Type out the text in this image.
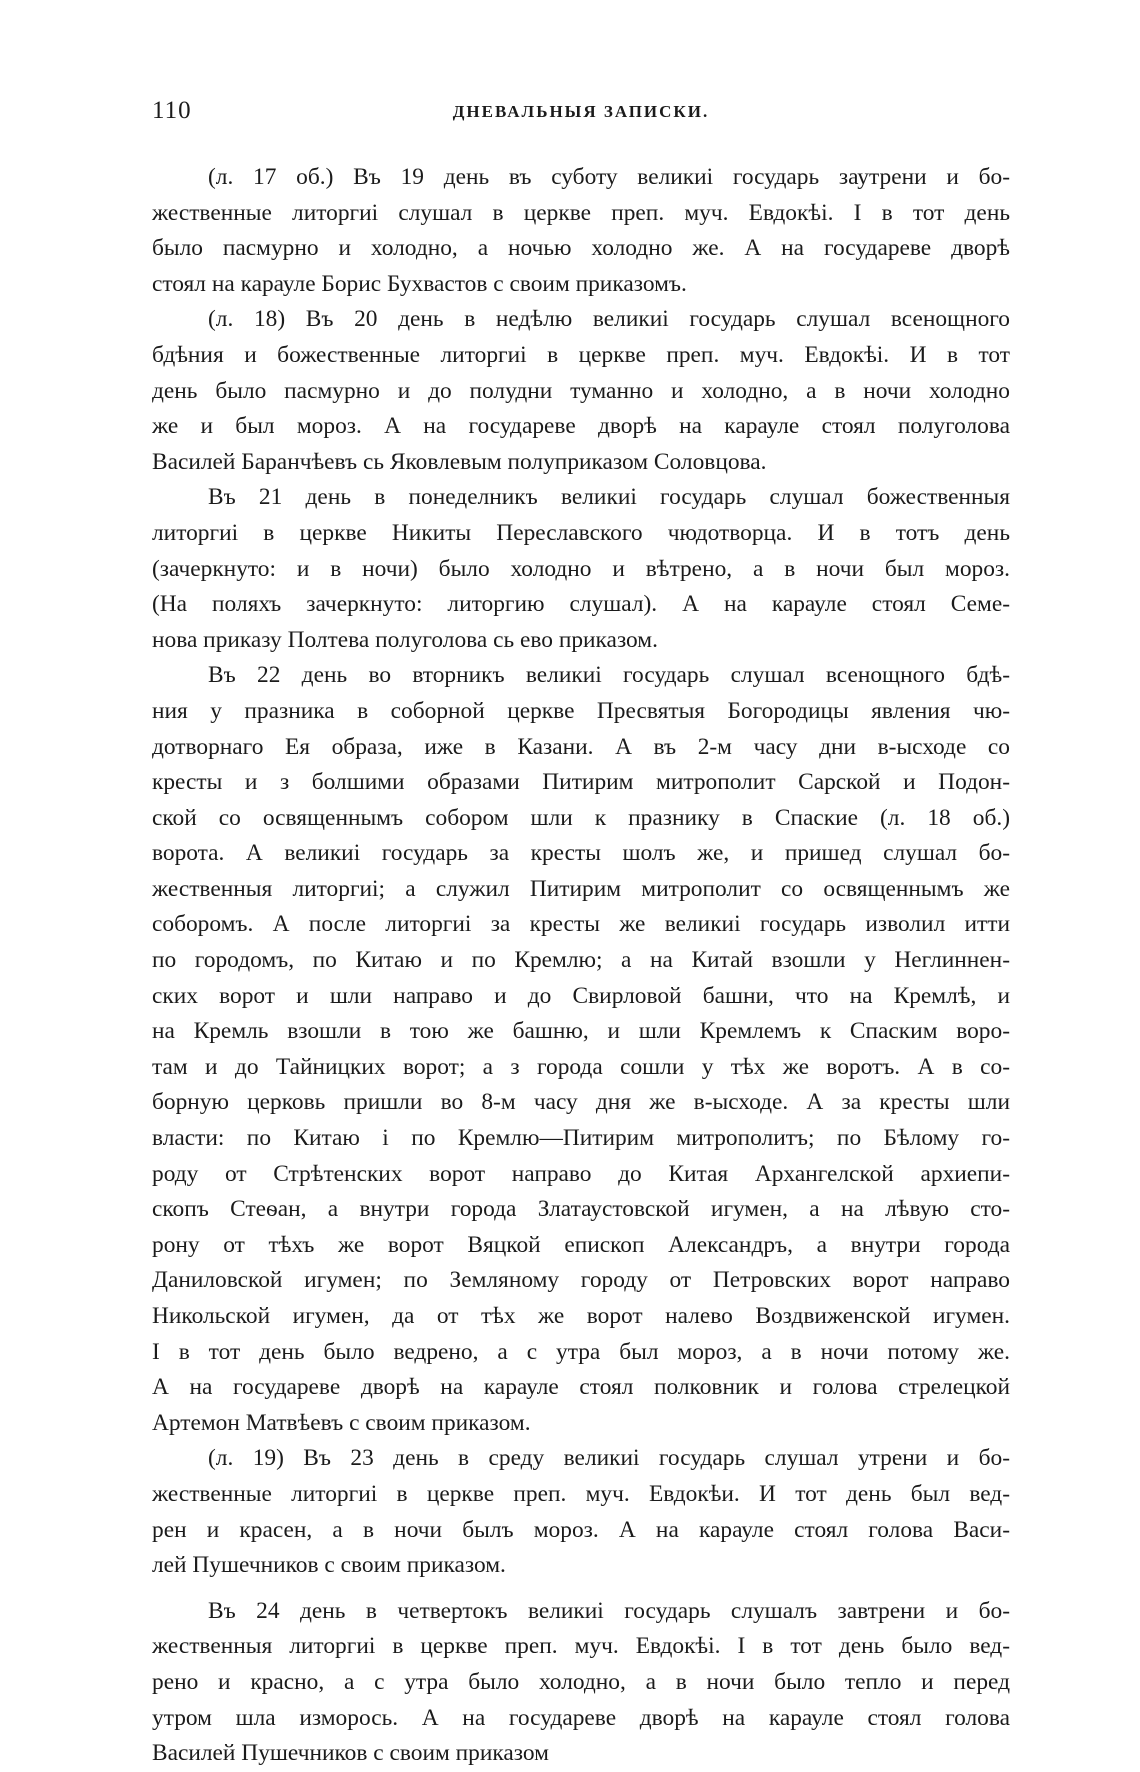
110	ДНЕВАЛЬНЫЯ ЗАПИСКИ.

(л. 17 об.) Въ 19 день въ суботу великиі государь заутрени и бо-
жественные литоргиі слушал в церкве преп. муч. Евдокѣі. І в тот день
было пасмурно и холодно, а ночью холодно же. А на государеве дворѣ
стоял на карауле Борис Бухвастов с своим приказомъ.

(л. 18) Въ 20 день в недѣлю великиі государь слушал всенощного
бдѣния и божественные литоргиі в церкве преп. муч. Евдокѣі. И в тот
день было пасмурно и до полудни туманно и холодно, а в ночи холодно
же и был мороз. А на государеве дворѣ на карауле стоял полуголова
Василей Баранчѣевъ сь Яковлевым полуприказом Соловцова.

Въ 21 день в понеделникъ великиі государь слушал божественныя
литоргиі в церкве Никиты Переславского чюдотворца. И в тотъ день
(зачеркнуто: и в ночи) было холодно и вѣтрено, а в ночи был мороз.
(На поляхъ зачеркнуто: литоргию слушал). А на карауле стоял Семе-
нова приказу Полтева полуголова сь ево приказом.

Въ 22 день во вторникъ великиі государь слушал всенощного бдѣ-
ния у празника в соборной церкве Пресвятыя Богородицы явления чю-
дотворнаго Ея образа, иже в Казани. А въ 2-м часу дни в-ысходе со
кресты и з болшими образами Питирим митрополит Сарской и Подон-
ской со освященнымъ собором шли к празнику в Спаские (л. 18 об.)
ворота. А великиі государь за кресты шолъ же, и пришед слушал бо-
жественныя литоргиі; а служил Питирим митрополит со освященнымъ же
соборомъ. А после литоргиі за кресты же великиі государь изволил итти
по городомъ, по Китаю и по Кремлю; а на Китай взошли у Неглиннен-
ских ворот и шли направо и до Свирловой башни, что на Кремлѣ, и
на Кремль взошли в тою же башню, и шли Кремлемъ к Спаским воро-
там и до Тайницких ворот; а з города сошли у тѣх же воротъ. А в со-
борную церковь пришли во 8-м часу дня же в-ысходе. А за кресты шли
власти: по Китаю і по Кремлю—Питирим митрополитъ; по Бѣлому го-
роду от Стрѣтенских ворот направо до Китая Архангелской архиепи-
скопъ Стеѳан, а внутри города Златаустовской игумен, а на лѣвую сто-
рону от тѣхъ же ворот Вяцкой епископ Александръ, а внутри города
Даниловской игумен; по Земляному городу от Петровских ворот направо
Никольской игумен, да от тѣх же ворот налево Воздвиженской игумен.
І в тот день было ведрено, а с утра был мороз, а в ночи потому же.
А на государеве дворѣ на карауле стоял полковник и голова стрелецкой
Артемон Матвѣевъ с своим приказом.

(л. 19) Въ 23 день в среду великиі государь слушал утрени и бо-
жественные литоргиі в церкве преп. муч. Евдокѣи. И тот день был вед-
рен и красен, а в ночи былъ мороз. А на карауле стоял голова Васи-
лей Пушечников с своим приказом.

Въ 24 день в четвертокъ великиі государь слушалъ завтрени и бо-
жественныя литоргиі в церкве преп. муч. Евдокѣі. І в тот день было вед-
рено и красно, а с утра было холодно, а в ночи было тепло и перед
утром шла изморось. А на государеве дворѣ на карауле стоял голова
Василей Пушечников с своим приказом
